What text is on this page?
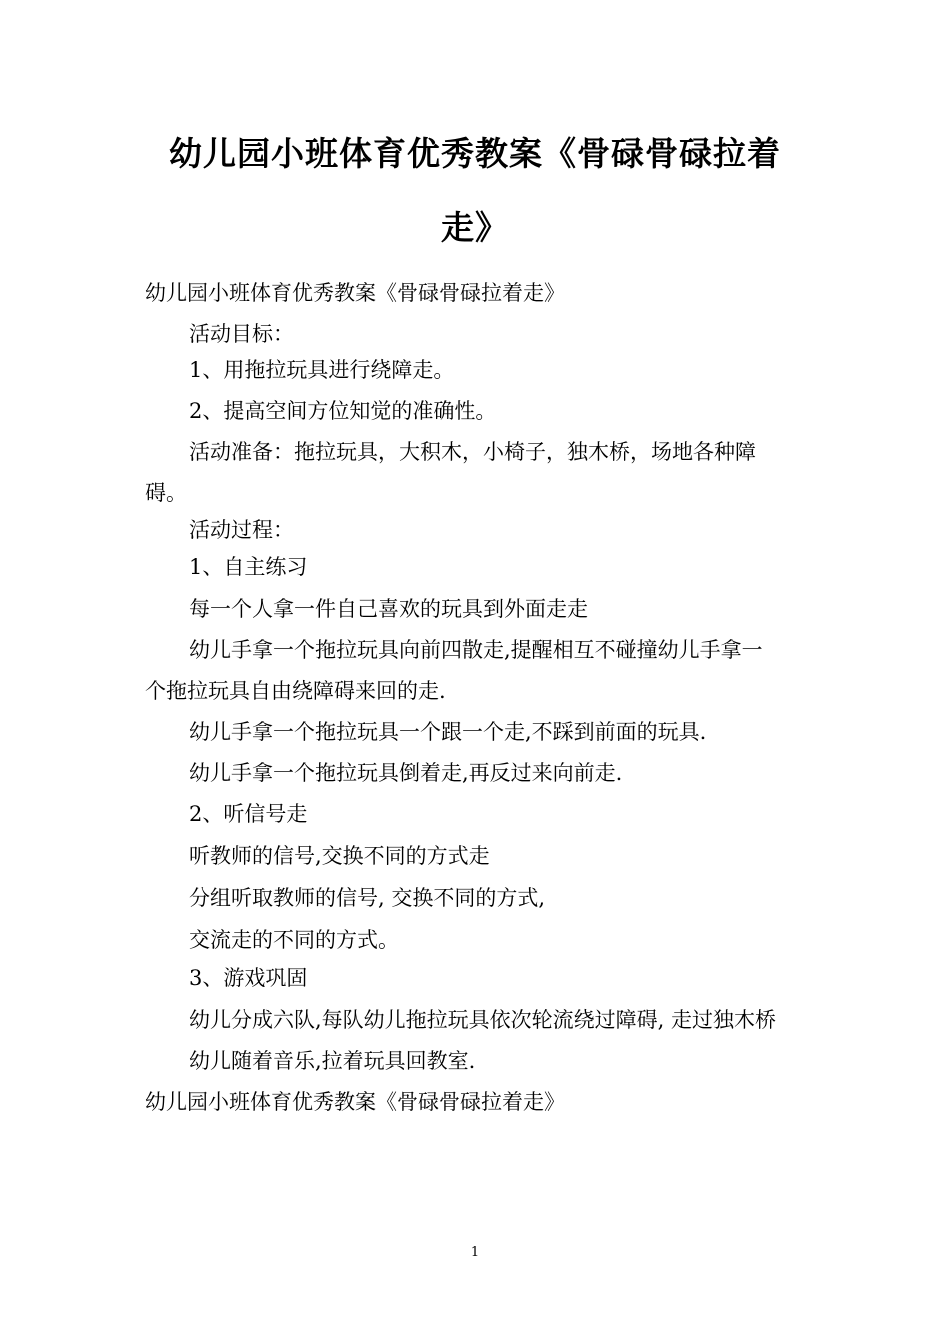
幼儿园小班体育优秀教案《骨碌骨碌拉着
走》
幼儿园小班体育优秀教案《骨碌骨碌拉着走》
活动目标：
1、用拖拉玩具进行绕障走。
2、提高空间方位知觉的准确性。
活动准备：拖拉玩具，大积木，小椅子，独木桥，场地各种障
碍。
活动过程：
1、自主练习
每一个人拿一件自己喜欢的玩具到外面走走
幼儿手拿一个拖拉玩具向前四散走,提醒相互不碰撞幼儿手拿一
个拖拉玩具自由绕障碍来回的走.
幼儿手拿一个拖拉玩具一个跟一个走,不踩到前面的玩具.
幼儿手拿一个拖拉玩具倒着走,再反过来向前走.
2、听信号走
听教师的信号,交换不同的方式走
分组听取教师的信号, 交换不同的方式,
交流走的不同的方式。
3、游戏巩固
幼儿分成六队,每队幼儿拖拉玩具依次轮流绕过障碍, 走过独木桥
幼儿随着音乐,拉着玩具回教室.
幼儿园小班体育优秀教案《骨碌骨碌拉着走》
1
